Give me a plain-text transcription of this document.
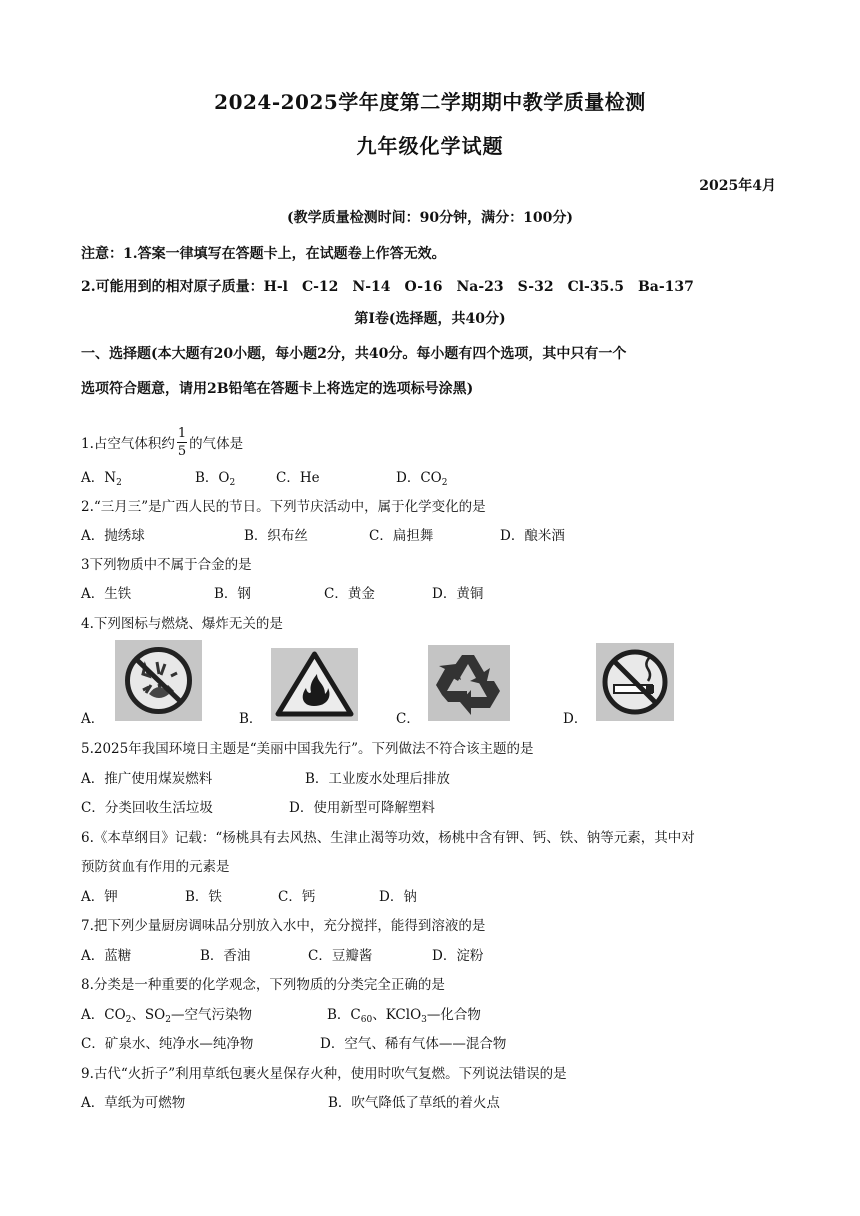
2024-2025学年度第二学期期中教学质量检测
九年级化学试题
2025年4月
(教学质量检测时间：90分钟，满分：100分)
注意：1.答案一律填写在答题卡上，在试题卷上作答无效。
2.可能用到的相对原子质量：H-l　C-12　N-14　O-16　Na-23　S-32　Cl-35.5　Ba-137
第Ⅰ卷(选择题，共40分)
一、选择题(本大题有20小题，每小题2分，共40分。每小题有四个选项，其中只有一个
选项符合题意，请用2B铅笔在答题卡上将选定的选项标号涂黑)
1.占空气体积约 $\frac{1}{5}$ 的气体是
A．$N_2$	B．$O_2$	C．He	D．$CO_2$
2.“三月三”是广西人民的节日。下列节庆活动中，属于化学变化的是
A．抛绣球	B．织布丝	C．扁担舞	D．酿米酒
3下列物质中不属于合金的是
A．生铁	B．钢	C．黄金	D．黄铜
4.下列图标与燃烧、爆炸无关的是
A．	B．	C．	D．
5.2025年我国环境日主题是“美丽中国我先行”。下列做法不符合该主题的是
A．推广使用煤炭燃料	B．工业废水处理后排放
C．分类回收生活垃圾	D．使用新型可降解塑料
6.《本草纲目》记载：“杨桃具有去风热、生津止渴等功效，杨桃中含有钾、钙、铁、钠等元素，其中对
预防贫血有作用的元素是
A．钾	B．铁	C．钙	D．钠
7.把下列少量厨房调味品分别放入水中，充分搅拌，能得到溶液的是
A．蓝糖	B．香油	C．豆瓣酱	D．淀粉
8.分类是一种重要的化学观念，下列物质的分类完全正确的是
A．$CO_2$、$SO_2—$空气污染物	B．$C_{60}$、KClO$_3$—化合物
C．矿泉水、纯净水—纯净物	D．空气、稀有气体——混合物
9.古代“火折子”利用草纸包裹火星保存火种，使用时吹气复燃。下列说法错误的是
A．草纸为可燃物	B．吹气降低了草纸的着火点
